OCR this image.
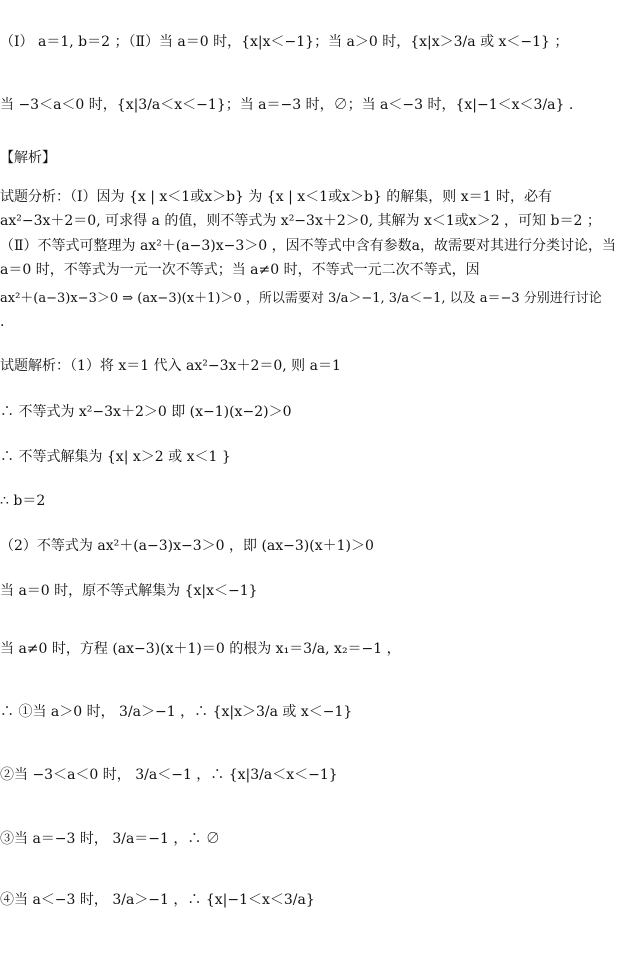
（Ⅰ） a＝1, b＝2 ；（Ⅱ）当 a＝0 时，{x|x＜−1}；当 a＞0 时，{x|x＞3/a 或 x＜−1} ；
当 −3＜a＜0 时，{x|3/a＜x＜−1}；当 a＝−3 时，∅；当 a＜−3 时，{x|−1＜x＜3/a} .
【解析】
试题分析：（Ⅰ）因为 {x | x＜1或x＞b} 为 {x | x＜1或x＞b} 的解集，则 x＝1 时，必有
ax²−3x＋2＝0, 可求得 a 的值，则不等式为 x²−3x＋2＞0, 其解为 x＜1或x＞2 ，可知 b＝2 ；
（Ⅱ）不等式可整理为 ax²＋(a−3)x−3＞0 ，因不等式中含有参数a，故需要对其进行分类讨论，当
a＝0 时，不等式为一元一次不等式；当 a≠0 时，不等式一元二次不等式，因
ax²＋(a−3)x−3＞0 ⇒ (ax−3)(x＋1)＞0 ，所以需要对 3/a＞−1, 3/a＜−1, 以及 a＝−3 分别进行讨论
.
试题解析：（1）将 x＝1 代入 ax²−3x＋2＝0, 则 a＝1
∴ 不等式为 x²−3x＋2＞0 即 (x−1)(x−2)＞0
∴ 不等式解集为 {x| x＞2 或 x＜1 }
∴ b＝2
（2）不等式为 ax²＋(a−3)x−3＞0 ，即 (ax−3)(x＋1)＞0
当 a＝0 时，原不等式解集为 {x|x＜−1}
当 a≠0 时，方程 (ax−3)(x＋1)＝0 的根为 x₁＝3/a, x₂＝−1 ，
∴ ①当 a＞0 时， 3/a＞−1 ，∴ {x|x＞3/a 或 x＜−1}
②当 −3＜a＜0 时， 3/a＜−1 ，∴ {x|3/a＜x＜−1}
③当 a＝−3 时， 3/a＝−1 ，∴ ∅
④当 a＜−3 时， 3/a＞−1 ，∴ {x|−1＜x＜3/a}
